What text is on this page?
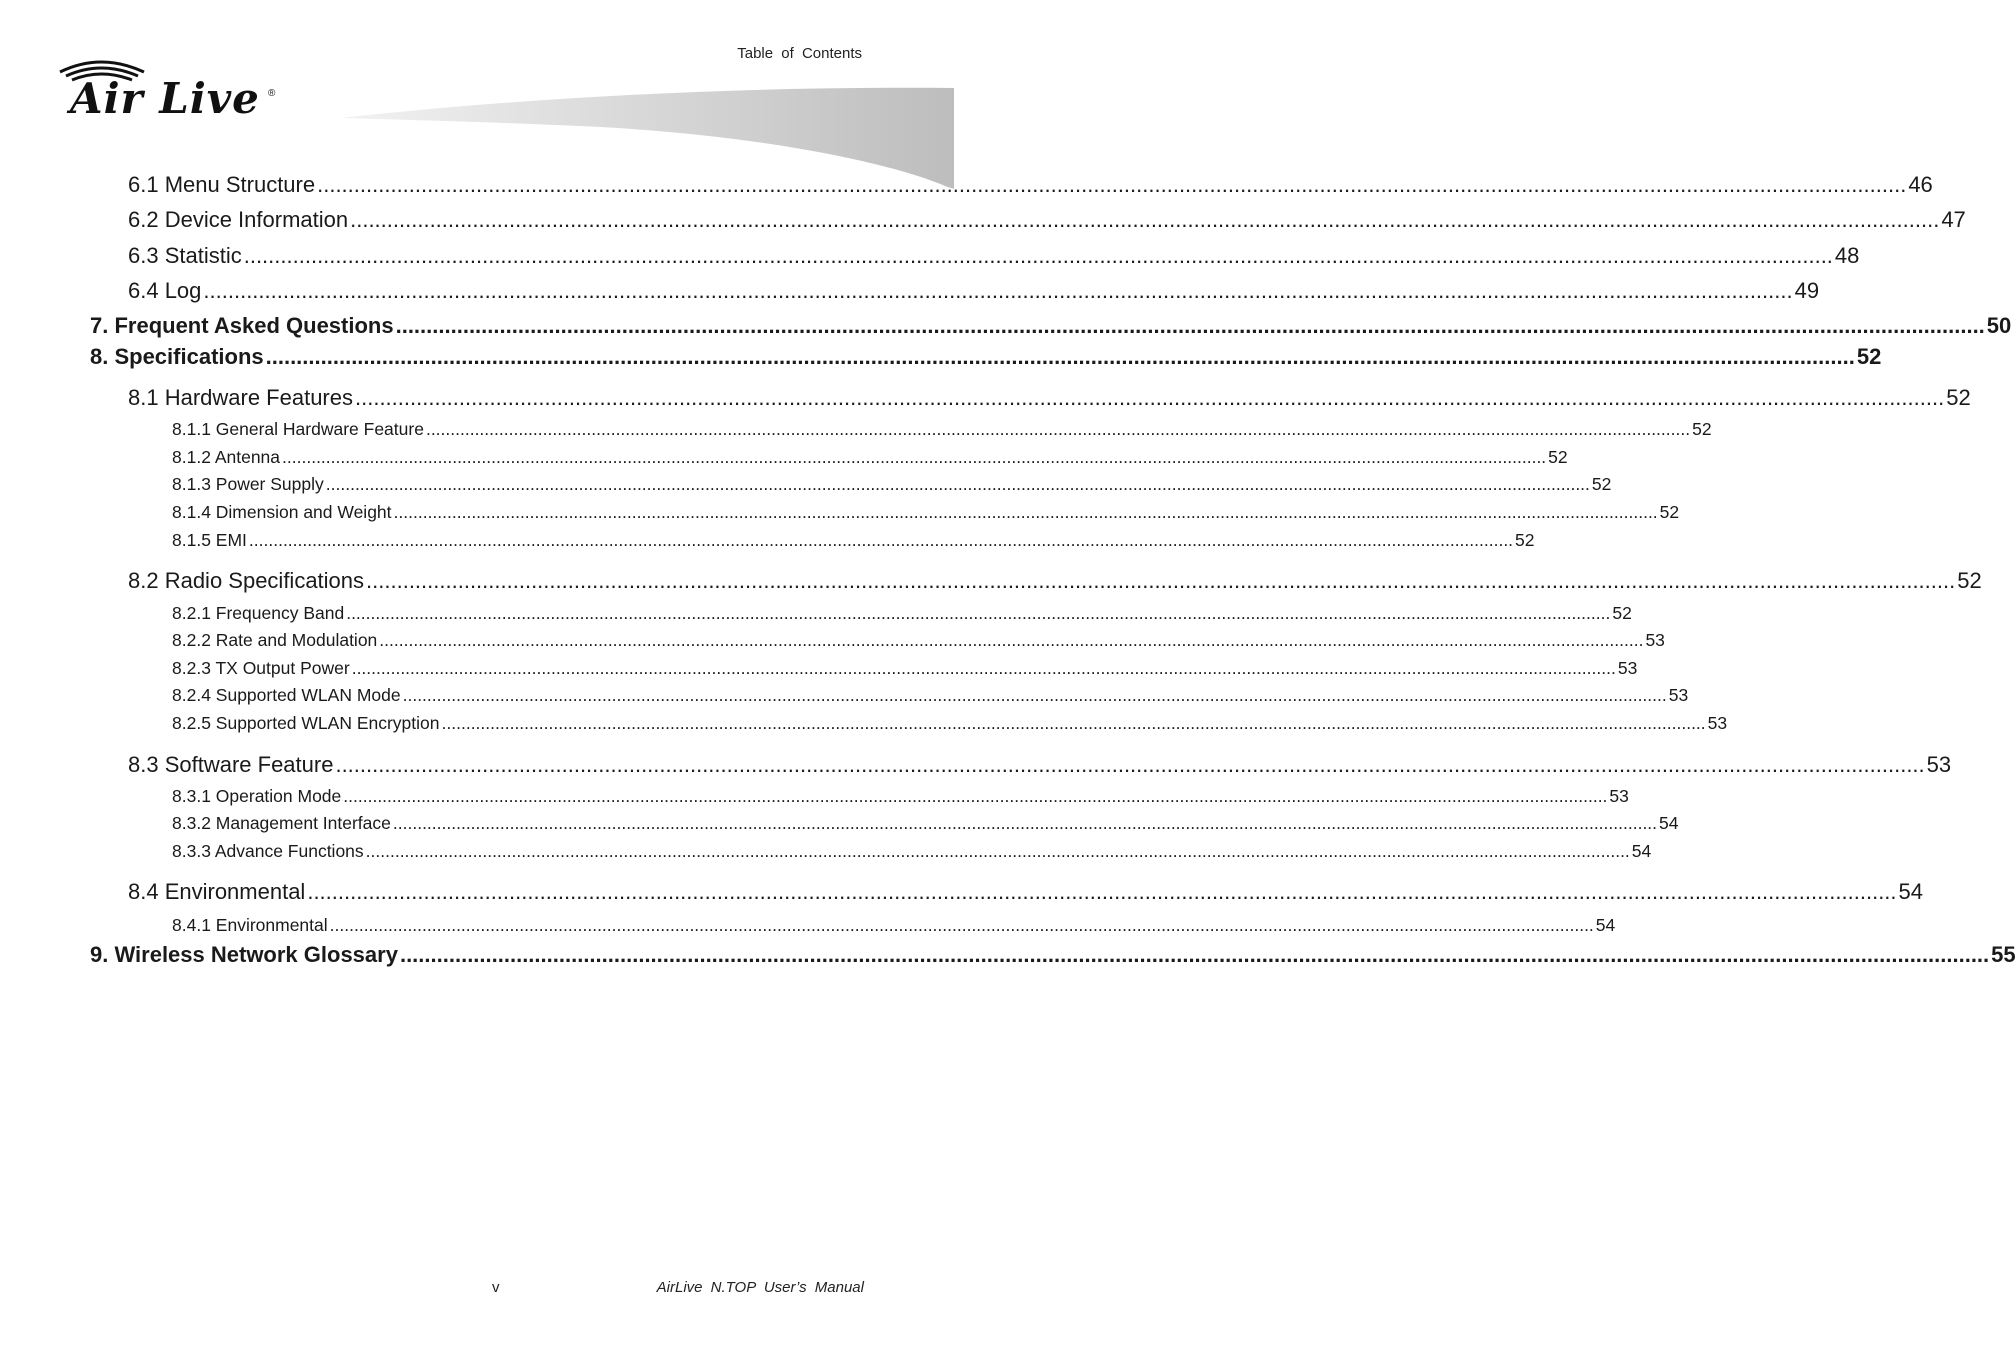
Table of Contents
Air Live ®
6.1 Menu Structure .................................................................................................................................................................................................................................................................... 46
6.2 Device Information .................................................................................................................................................................................................................................................................... 47
6.3 Statistic .................................................................................................................................................................................................................................................................... 48
6.4 Log .................................................................................................................................................................................................................................................................... 49
7. Frequent Asked Questions .................................................................................................................................................................................................................................................................... 50
8. Specifications .................................................................................................................................................................................................................................................................... 52
8.1 Hardware Features .................................................................................................................................................................................................................................................................... 52
8.1.1 General Hardware Feature .................................................................................................................................................................................................................................................................... 52
8.1.2 Antenna .................................................................................................................................................................................................................................................................... 52
8.1.3 Power Supply .................................................................................................................................................................................................................................................................... 52
8.1.4 Dimension and Weight .................................................................................................................................................................................................................................................................... 52
8.1.5 EMI .................................................................................................................................................................................................................................................................... 52
8.2 Radio Specifications .................................................................................................................................................................................................................................................................... 52
8.2.1 Frequency Band .................................................................................................................................................................................................................................................................... 52
8.2.2 Rate and Modulation .................................................................................................................................................................................................................................................................... 53
8.2.3 TX Output Power .................................................................................................................................................................................................................................................................... 53
8.2.4 Supported WLAN Mode .................................................................................................................................................................................................................................................................... 53
8.2.5 Supported WLAN Encryption .................................................................................................................................................................................................................................................................... 53
8.3 Software Feature .................................................................................................................................................................................................................................................................... 53
8.3.1 Operation Mode .................................................................................................................................................................................................................................................................... 53
8.3.2 Management Interface .................................................................................................................................................................................................................................................................... 54
8.3.3 Advance Functions .................................................................................................................................................................................................................................................................... 54
8.4 Environmental .................................................................................................................................................................................................................................................................... 54
8.4.1 Environmental .................................................................................................................................................................................................................................................................... 54
9. Wireless Network Glossary .................................................................................................................................................................................................................................................................... 55
v	AirLive N.TOP User’s Manual
